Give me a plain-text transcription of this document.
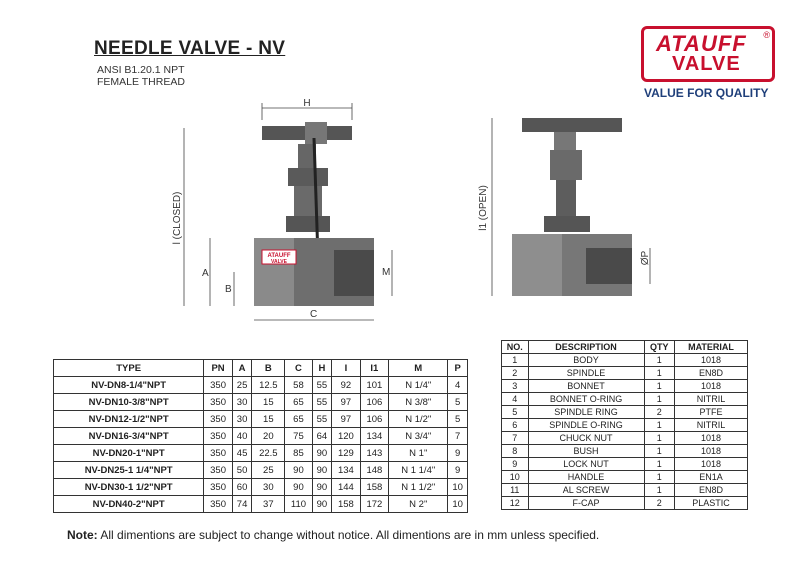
NEEDLE VALVE - NV
ANSI B1.20.1 NPT
FEMALE THREAD
ATAUFF ®
VALVE
VALUE FOR QUALITY
H
ATAUFF
VALVE
l (CLOSED)
A
B
M
C
l1 (OPEN)
ØP
TYPE	PN	A	B	C	H	I	I1	M	P
NV-DN8-1/4"NPT	350	25	12.5	58	55	92	101	N 1/4"	4
NV-DN10-3/8"NPT	350	30	15	65	55	97	106	N 3/8"	5
NV-DN12-1/2"NPT	350	30	15	65	55	97	106	N 1/2"	5
NV-DN16-3/4"NPT	350	40	20	75	64	120	134	N 3/4"	7
NV-DN20-1"NPT	350	45	22.5	85	90	129	143	N 1"	9
NV-DN25-1 1/4"NPT	350	50	25	90	90	134	148	N 1 1/4"	9
NV-DN30-1 1/2"NPT	350	60	30	90	90	144	158	N 1 1/2"	10
NV-DN40-2"NPT	350	74	37	110	90	158	172	N 2"	10
NO.	DESCRIPTION	QTY	MATERIAL
1	BODY	1	1018
2	SPINDLE	1	EN8D
3	BONNET	1	1018
4	BONNET O-RING	1	NITRIL
5	SPINDLE RING	2	PTFE
6	SPINDLE O-RING	1	NITRIL
7	CHUCK NUT	1	1018
8	BUSH	1	1018
9	LOCK NUT	1	1018
10	HANDLE	1	EN1A
11	AL SCREW	1	EN8D
12	F-CAP	2	PLASTIC
Note: All dimentions are subject to change without notice. All dimentions are in mm unless specified.
